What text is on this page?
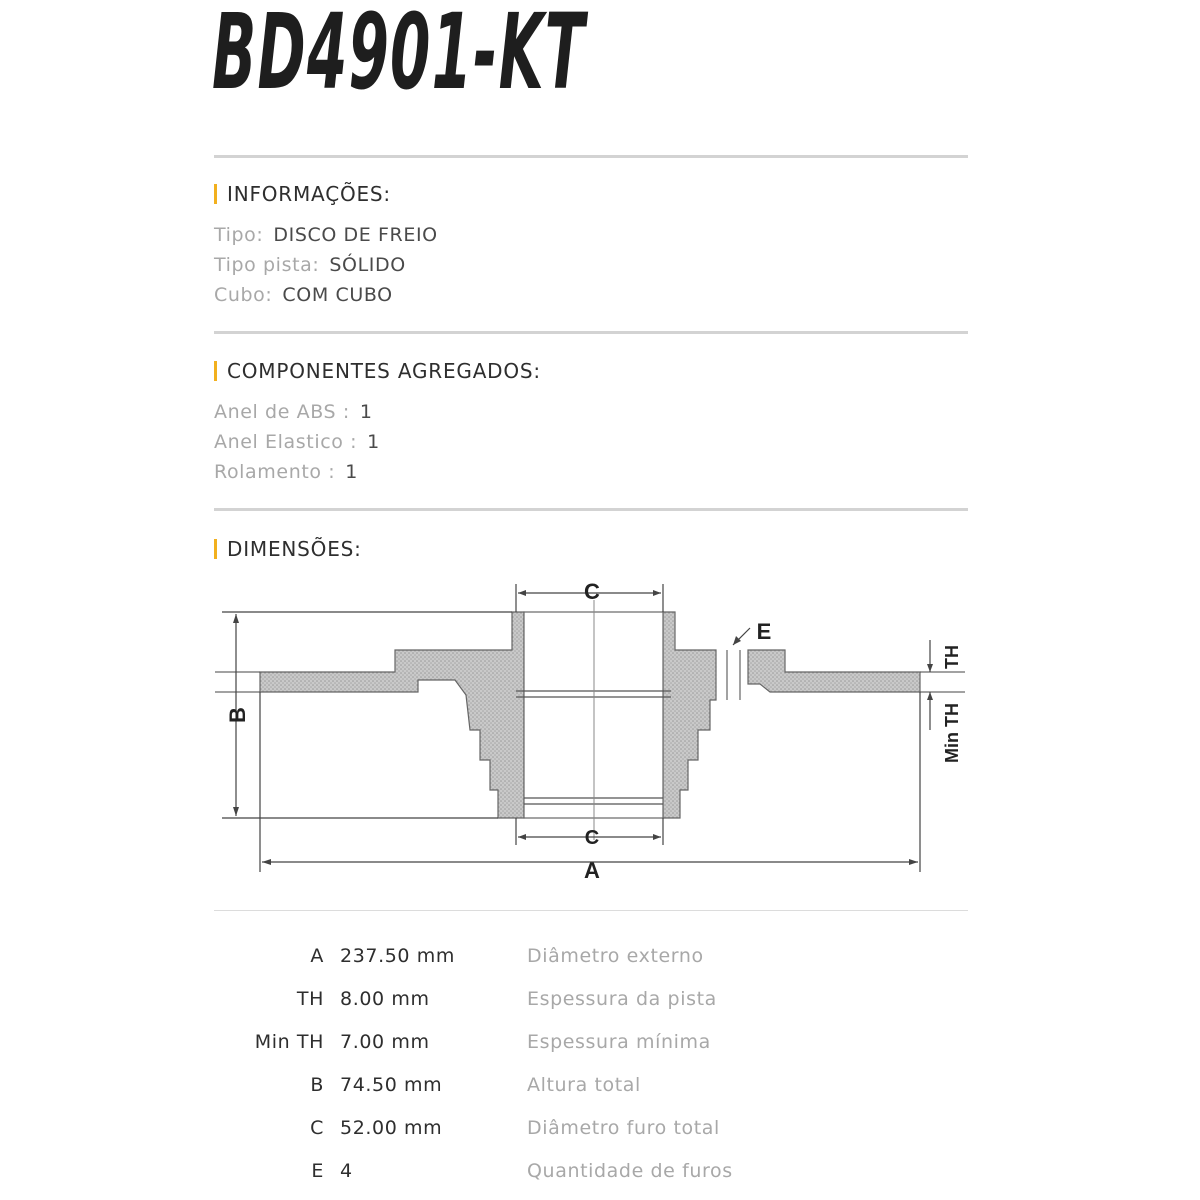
BD4901-KT
INFORMAÇÕES:
Tipo: DISCO DE FREIO
Tipo pista: SÓLIDO
Cubo: COM CUBO
COMPONENTES AGREGADOS:
Anel de ABS : 1
Anel Elastico : 1
Rolamento : 1
DIMENSÕES:
C
C
A
B
TH
Min TH
E
A 237.50 mm	Diâmetro externo
TH 8.00 mm	Espessura da pista
Min TH 7.00 mm	Espessura mínima
B 74.50 mm	Altura total
C 52.00 mm	Diâmetro furo total
E 4	Quantidade de furos
